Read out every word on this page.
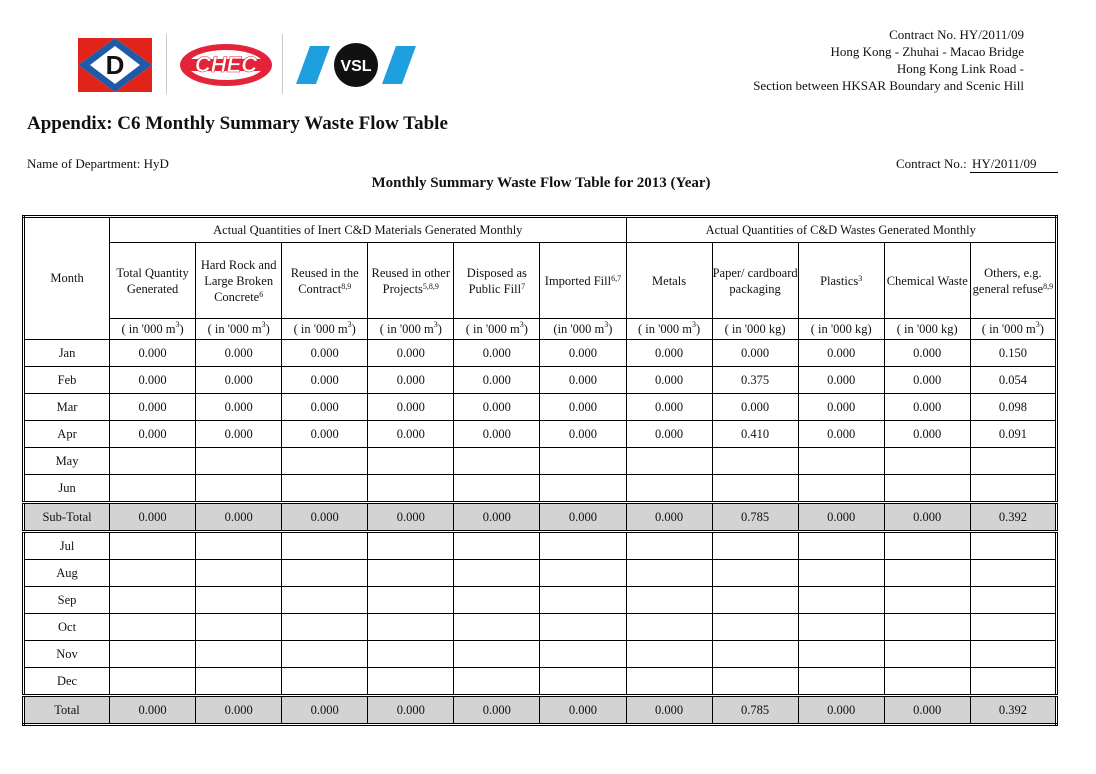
D	CHEC	VSL
Contract No. HY/2011/09
Hong Kong - Zhuhai - Macao Bridge
Hong Kong Link Road -
Section between HKSAR Boundary and Scenic Hill
Appendix: C6 Monthly Summary Waste Flow Table
Name of Department: HyD	Contract No.: HY/2011/09
Monthly Summary Waste Flow Table for 2013 (Year)
Month	Actual Quantities of Inert C&D Materials Generated Monthly						Actual Quantities of C&D Wastes Generated Monthly				
	Total Quantity Generated	Hard Rock and Large Broken Concrete$^6$	Reused in the Contract$^{8,9}$	Reused in other Projects$^{5,8,9}$	Disposed as Public Fill$^7$	Imported Fill$^{6,7}$	Metals	Paper/ cardboard packaging	Plastics$^3$	Chemical Waste	Others, e.g. general refuse$^{8,9}$
	( in '000 $m^3$)	( in '000 $m^3$)	( in '000 $m^3$)	( in '000 $m^3$)	( in '000 $m^3$)	(in '000 $m^3$)	( in '000 $m^3$)	( in '000 kg)	( in '000 kg)	( in '000 kg)	( in '000 $m^3$)
Jan	0.000	0.000	0.000	0.000	0.000	0.000	0.000	0.000	0.000	0.000	0.150
Feb	0.000	0.000	0.000	0.000	0.000	0.000	0.000	0.375	0.000	0.000	0.054
Mar	0.000	0.000	0.000	0.000	0.000	0.000	0.000	0.000	0.000	0.000	0.098
Apr	0.000	0.000	0.000	0.000	0.000	0.000	0.000	0.410	0.000	0.000	0.091
May											
Jun											
Sub-Total	0.000	0.000	0.000	0.000	0.000	0.000	0.000	0.785	0.000	0.000	0.392
Jul											
Aug											
Sep											
Oct											
Nov											
Dec											
Total	0.000	0.000	0.000	0.000	0.000	0.000	0.000	0.785	0.000	0.000	0.392
